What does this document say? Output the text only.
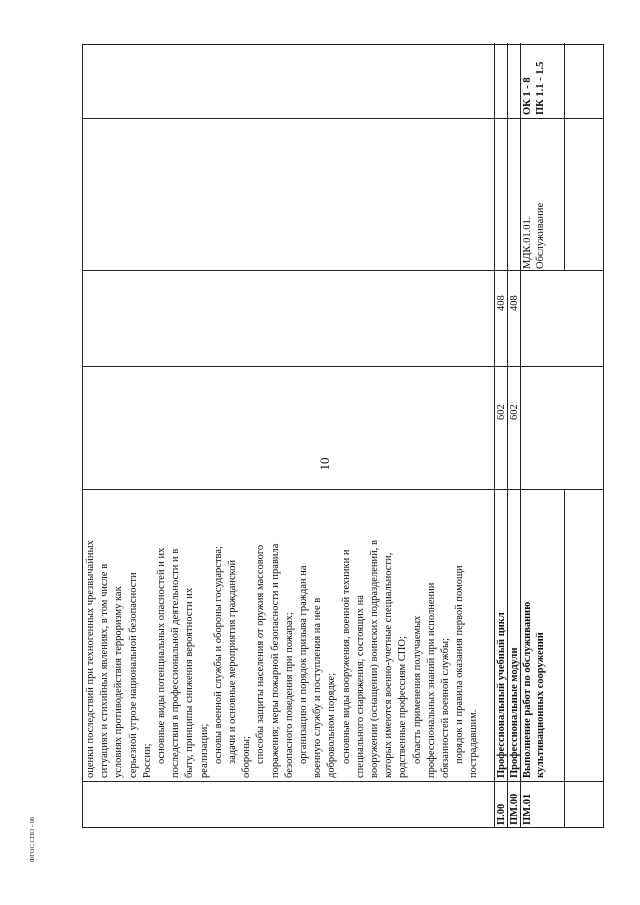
10
ФГОС СПО - 06
оценки последствий при техногенных чрезвычайных ситуациях и стихийных явлениях, в том числе в условиях противодействия терроризму как серьезной угрозе национальной безопасности России; основные виды потенциальных опасностей и их последствия в профессиональной деятельности и в быту, принципы снижения вероятности их реализации; основы военной службы и обороны государства; задачи и основные мероприятия гражданской обороны; способы защиты населения от оружия массового поражения; меры пожарной безопасности и правила безопасного поведения при пожарах; организацию и порядок призыва граждан на военную службу и поступления на нее в добровольном порядке; основные виды вооружения, военной техники и специального снаряжения, состоящих на вооружении (оснащении) воинских подразделений, в которых имеются военно-учетные специальности, родственные профессиям СПО; область применения получаемых профессиональных знаний при исполнении обязанностей военной службы; порядок и правила оказания первой помощи пострадавшим.
П.00
Профессиональный учебный цикл
602
408
ПМ.00
Профессиональные модули
602
408
ПМ.01
Выполнение работ по обслуживанию культивационных сооружений
МДК.01.01. Обслуживание
ОК 1 - 8 ПК 1.1 - 1.5
